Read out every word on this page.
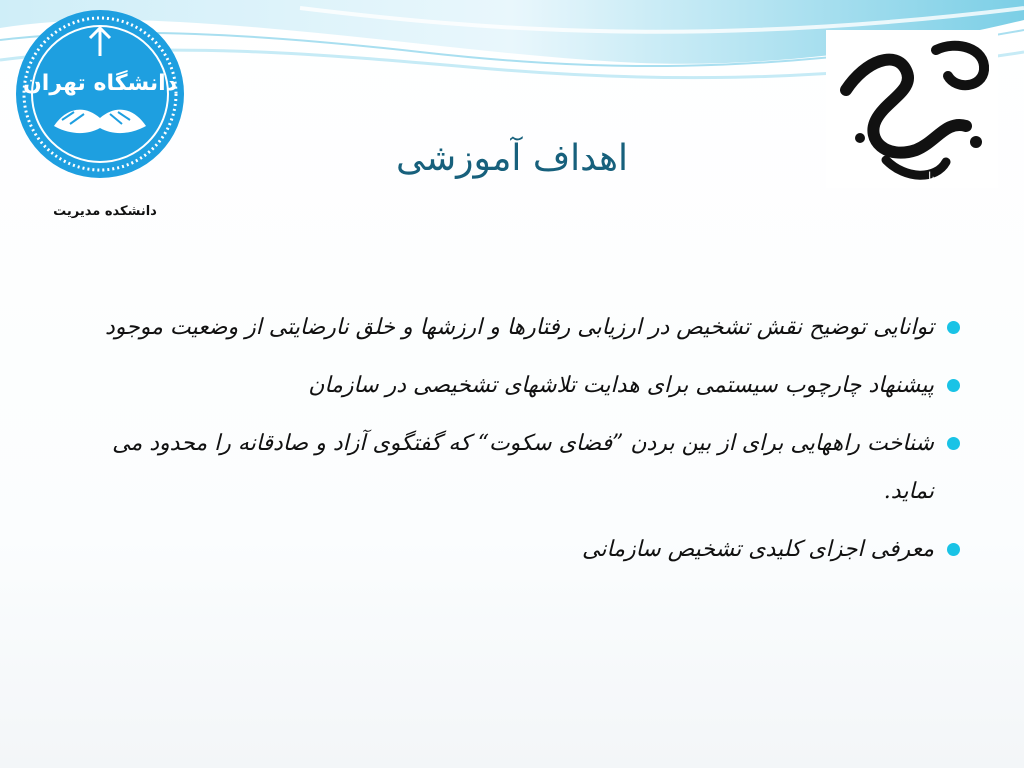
دانشگاه تهران
دانشکده مدیریت
مهر پویا
اهداف آموزشی
توانایی توضیح نقش تشخیص در ارزیابی رفتارها و ارزشها و خلق نارضایتی از وضعیت موجود
پیشنهاد چارچوب سیستمی برای هدایت تلاشهای تشخیصی در سازمان
شناخت راههایی برای از بین بردن ”فضای سکوت“ که گفتگوی آزاد و صادقانه را محدود می نماید.
معرفی اجزای کلیدی تشخیص سازمانی
